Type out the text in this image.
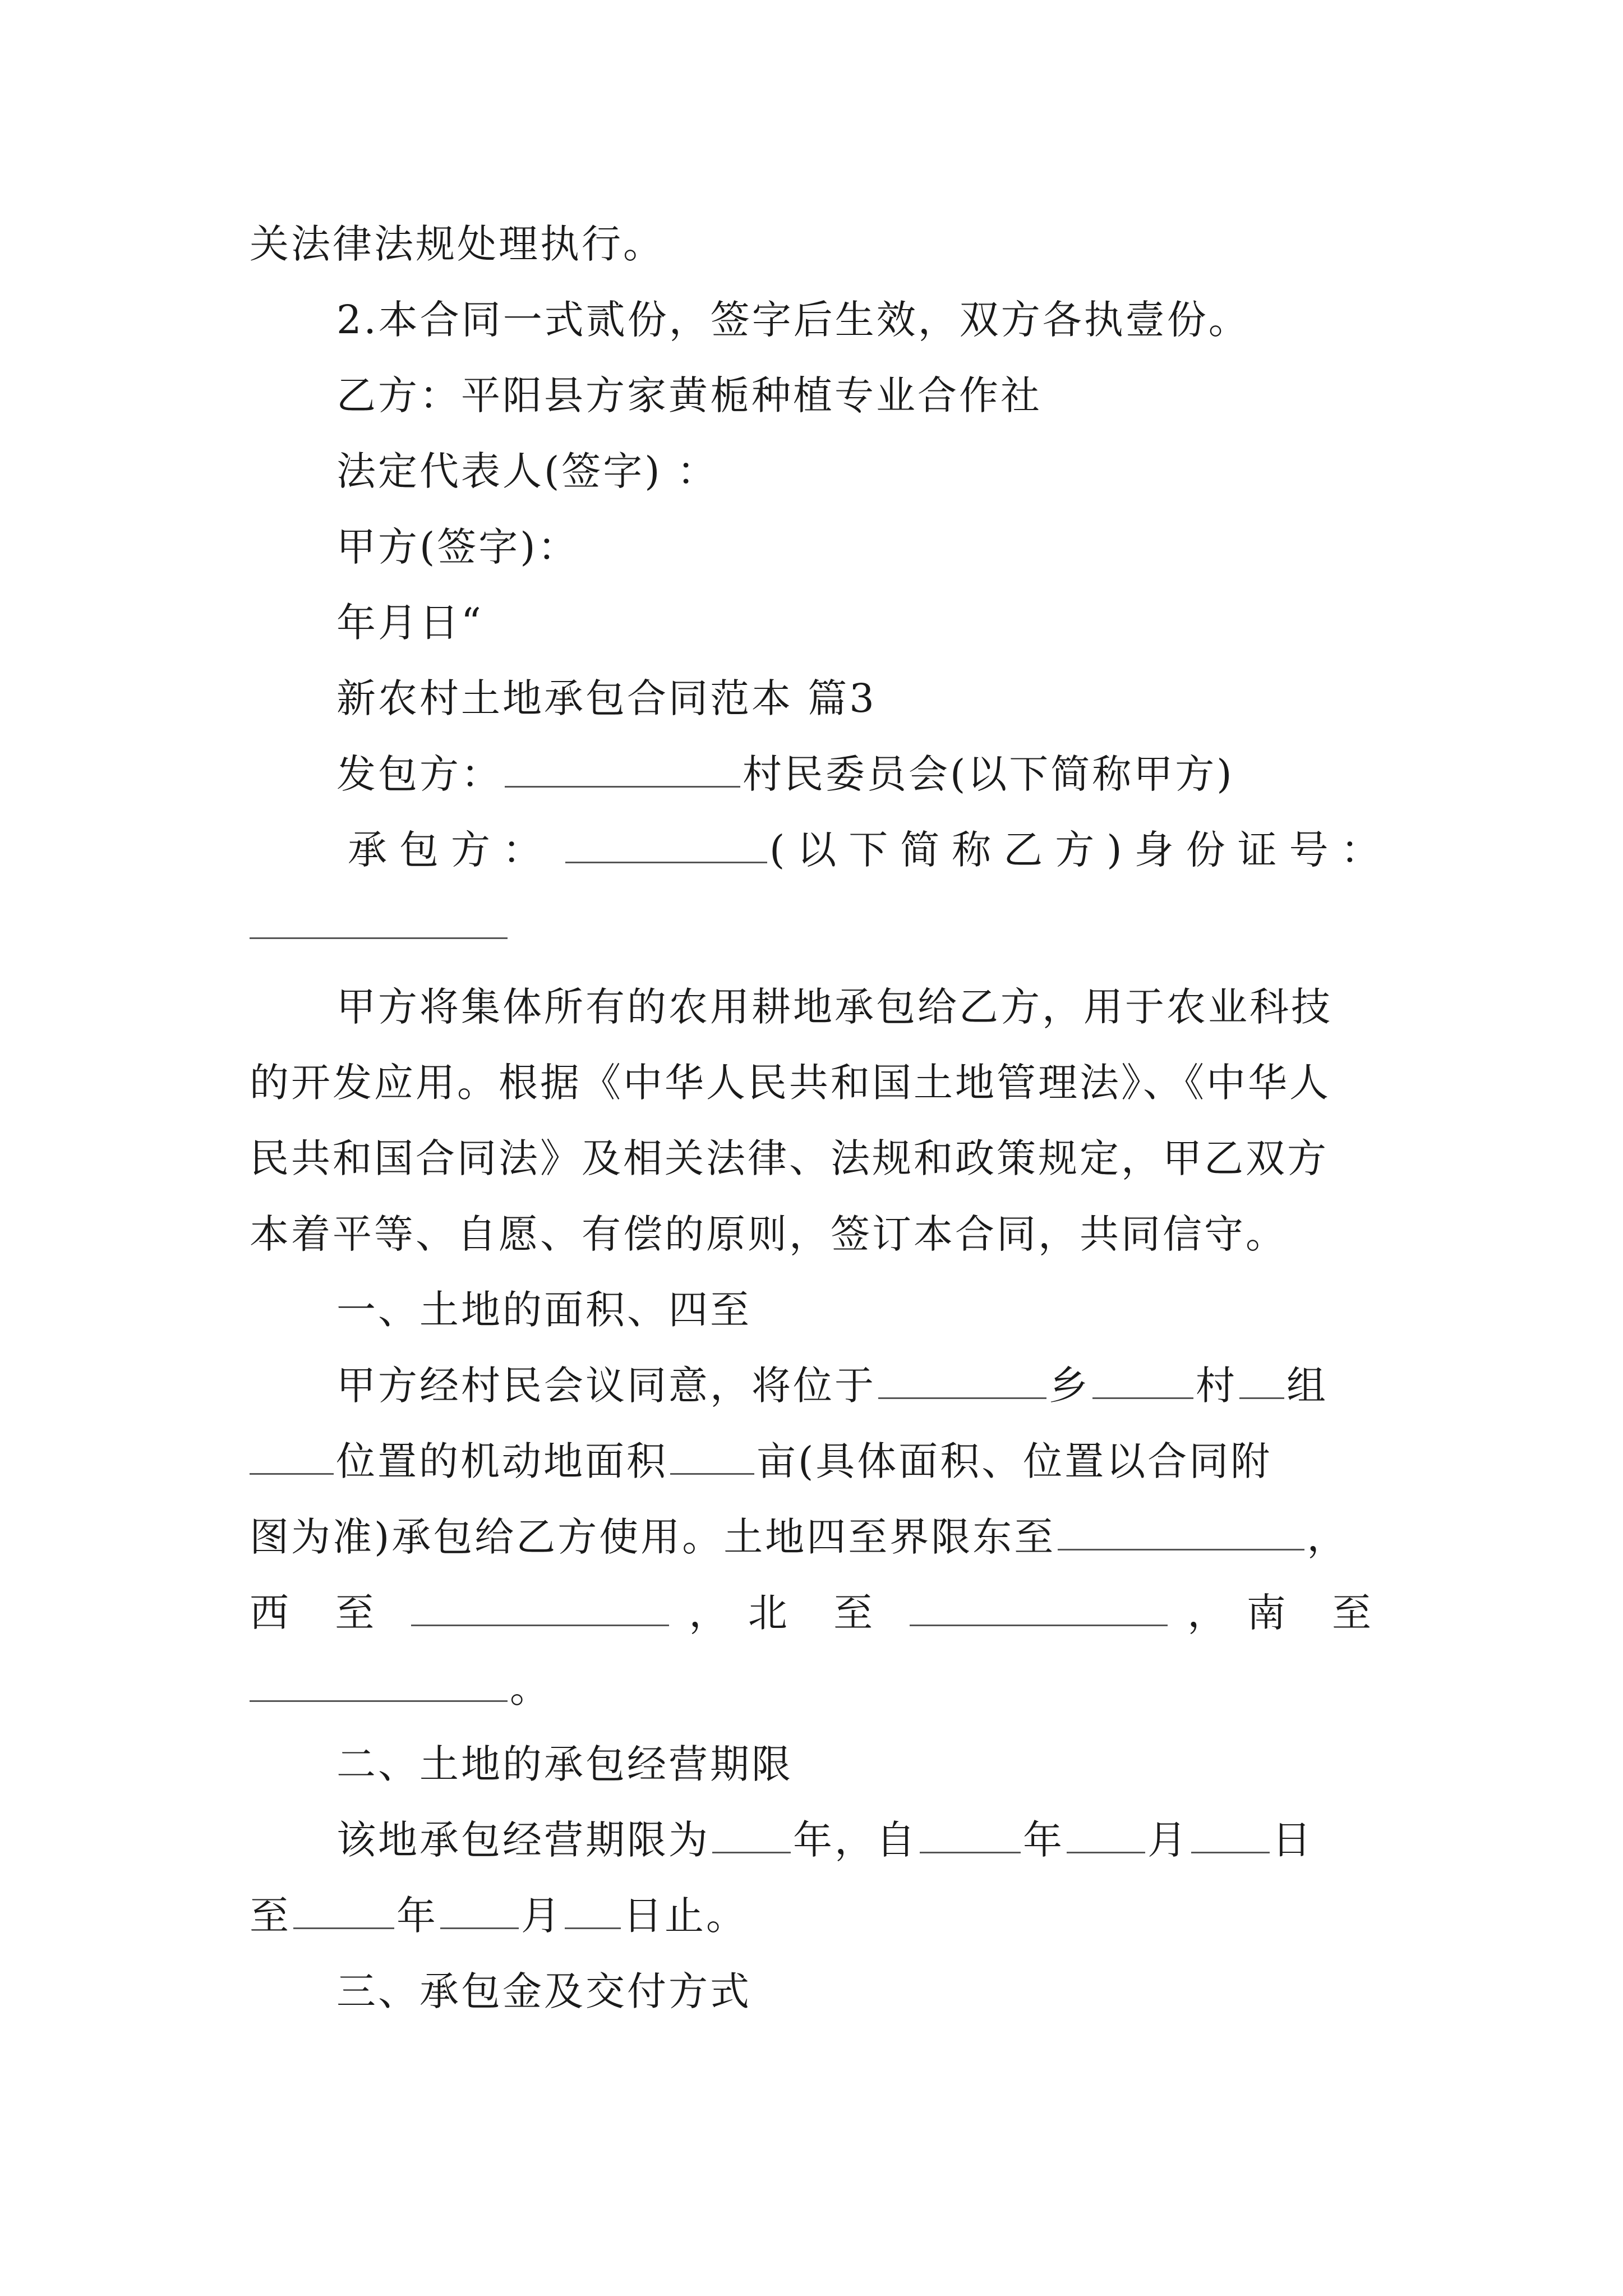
关法律法规处理执行。
2.本合同一式贰份，签字后生效，双方各执壹份。
乙方：平阳县方家黄栀种植专业合作社
法定代表人(签字) ：
甲方(签字)：
年月日“
新农村土地承包合同范本 篇3
发包方：	村民委员会(以下简称甲方)
承包方：	(以下简称乙方)身份证号：
甲方将集体所有的农用耕地承包给乙方，用于农业科技
的开发应用。根据《中华人民共和国土地管理法》、《中华人
民共和国合同法》及相关法律、法规和政策规定，甲乙双方
本着平等、自愿、有偿的原则，签订本合同，共同信守。
一、土地的面积、四至
甲方经村民会议同意，将位于	乡	村 组
位置的机动地面积 亩(具体面积、位置以合同附
图为准)承包给乙方使用。土地四至界限东至	，
西 至	， 北 至	， 南 至
。
二、土地的承包经营期限
该地承包经营期限为 年，自	年 月 日
至	年 月 日止。
三、承包金及交付方式
